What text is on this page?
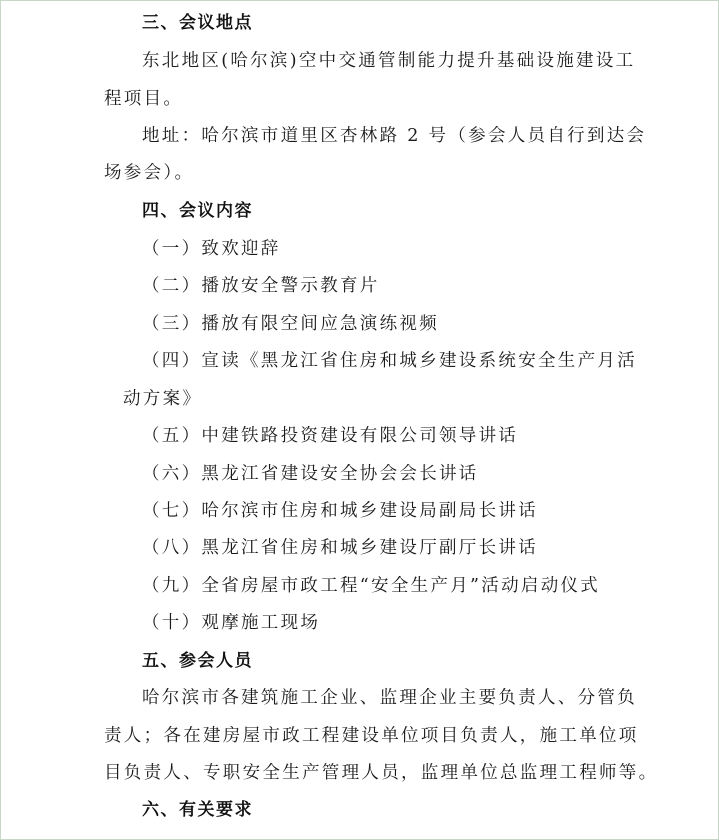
三、会议地点
东北地区(哈尔滨)空中交通管制能力提升基础设施建设工
程项目。
地址：哈尔滨市道里区杏林路 2 号（参会人员自行到达会
场参会）。
四、会议内容
（一）致欢迎辞
（二）播放安全警示教育片
（三）播放有限空间应急演练视频
（四）宣读《黑龙江省住房和城乡建设系统安全生产月活
动方案》
（五）中建铁路投资建设有限公司领导讲话
（六）黑龙江省建设安全协会会长讲话
（七）哈尔滨市住房和城乡建设局副局长讲话
（八）黑龙江省住房和城乡建设厅副厅长讲话
（九）全省房屋市政工程“安全生产月”活动启动仪式
（十）观摩施工现场
五、参会人员
哈尔滨市各建筑施工企业、监理企业主要负责人、分管负
责人；各在建房屋市政工程建设单位项目负责人，施工单位项
目负责人、专职安全生产管理人员，监理单位总监理工程师等。
六、有关要求
